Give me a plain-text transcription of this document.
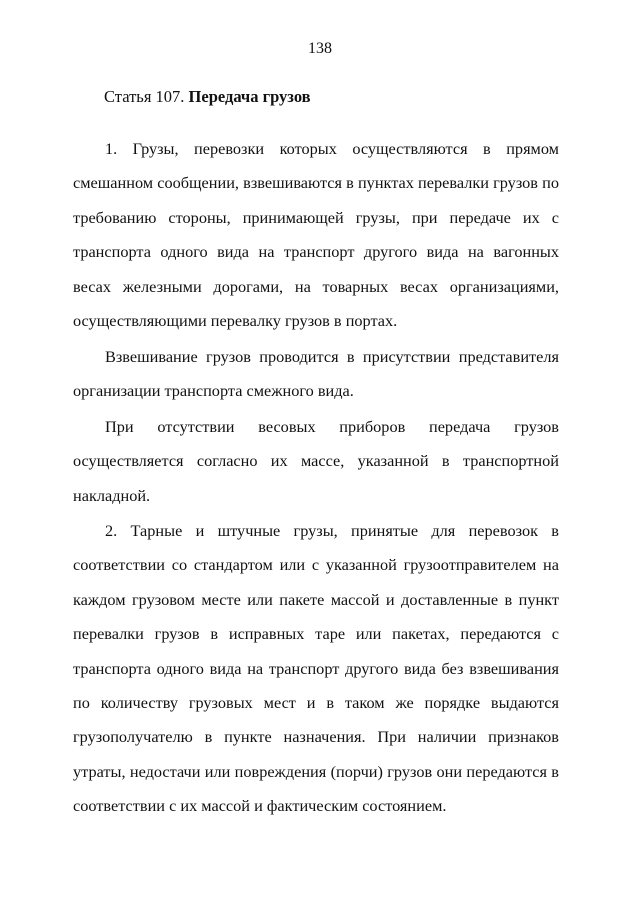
138
Статья 107. Передача грузов
1. Грузы, перевозки которых осуществляются в прямом
смешанном сообщении, взвешиваются в пунктах перевалки грузов по
требованию стороны, принимающей грузы, при передаче их с
транспорта одного вида на транспорт другого вида на вагонных
весах железными дорогами, на товарных весах организациями,
осуществляющими перевалку грузов в портах.
Взвешивание грузов проводится в присутствии представителя
организации транспорта смежного вида.
При отсутствии весовых приборов передача грузов
осуществляется согласно их массе, указанной в транспортной
накладной.
2. Тарные и штучные грузы, принятые для перевозок в
соответствии со стандартом или с указанной грузоотправителем на
каждом грузовом месте или пакете массой и доставленные в пункт
перевалки грузов в исправных таре или пакетах, передаются с
транспорта одного вида на транспорт другого вида без взвешивания
по количеству грузовых мест и в таком же порядке выдаются
грузополучателю в пункте назначения. При наличии признаков
утраты, недостачи или повреждения (порчи) грузов они передаются в
соответствии с их массой и фактическим состоянием.
